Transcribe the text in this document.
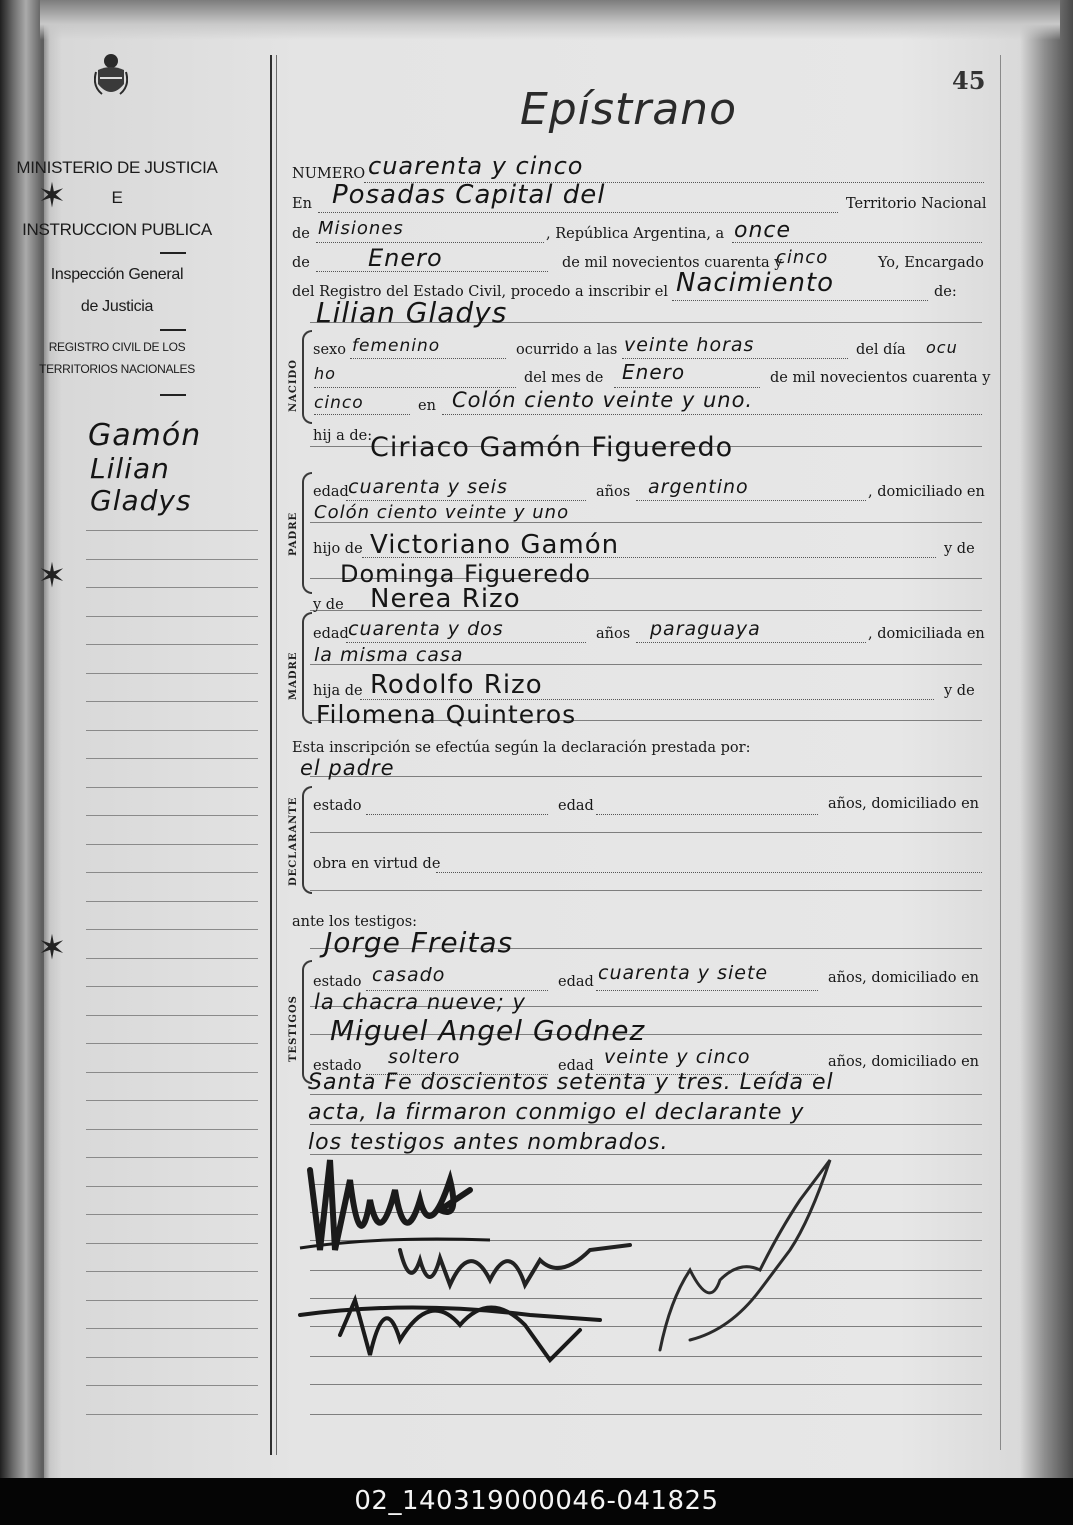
✶
✶
✶
MINISTERIO DE JUSTICIA
E
INSTRUCCION PUBLICA
Inspección General
de Justicia
REGISTRO CIVIL DE LOS
TERRITORIOS NACIONALES
Gamón
Lilian
Gladys
45
Epístrano
NUMERO cuarenta y cinco
En Posadas Capital del	Territorio Nacional
de Misiones	, República Argentina, a once
de Enero	de mil novecientos cuarenta y
cinco	Yo, Encargado
del Registro del Estado Civil, procedo a inscribir el Nacimiento	de:
Lilian Gladys
NACIDO
sexo femenino	ocurrido a las veinte horas	del día ocu
ho	del mes de Enero	de mil novecientos cuarenta y
cinco	en Colón ciento veinte y uno.
hij a de:
Ciriaco Gamón Figueredo
PADRE
edad cuarenta y seis	años argentino	, domiciliado en
Colón ciento veinte y uno
hijo de Victoriano Gamón	y de
Dominga Figueredo
y de Nerea Rizo
MADRE
edad cuarenta y dos	años paraguaya	, domiciliada en
la misma casa
hija de Rodolfo Rizo	y de
Filomena Quinteros
Esta inscripción se efectúa según la declaración prestada por:
el padre
DECLARANTE estado	edad	años, domiciliado en
obra en virtud de
ante los testigos:
Jorge Freitas
TESTIGOS
estado casado	edad cuarenta y siete	años, domiciliado en
la chacra nueve; y
Miguel Angel Godnez
estado soltero	edad veinte y cinco	años, domiciliado en
Santa Fe doscientos setenta y tres. Leída el
acta, la firmaron conmigo el declarante y
los testigos antes nombrados.
02_140319000046-041825
